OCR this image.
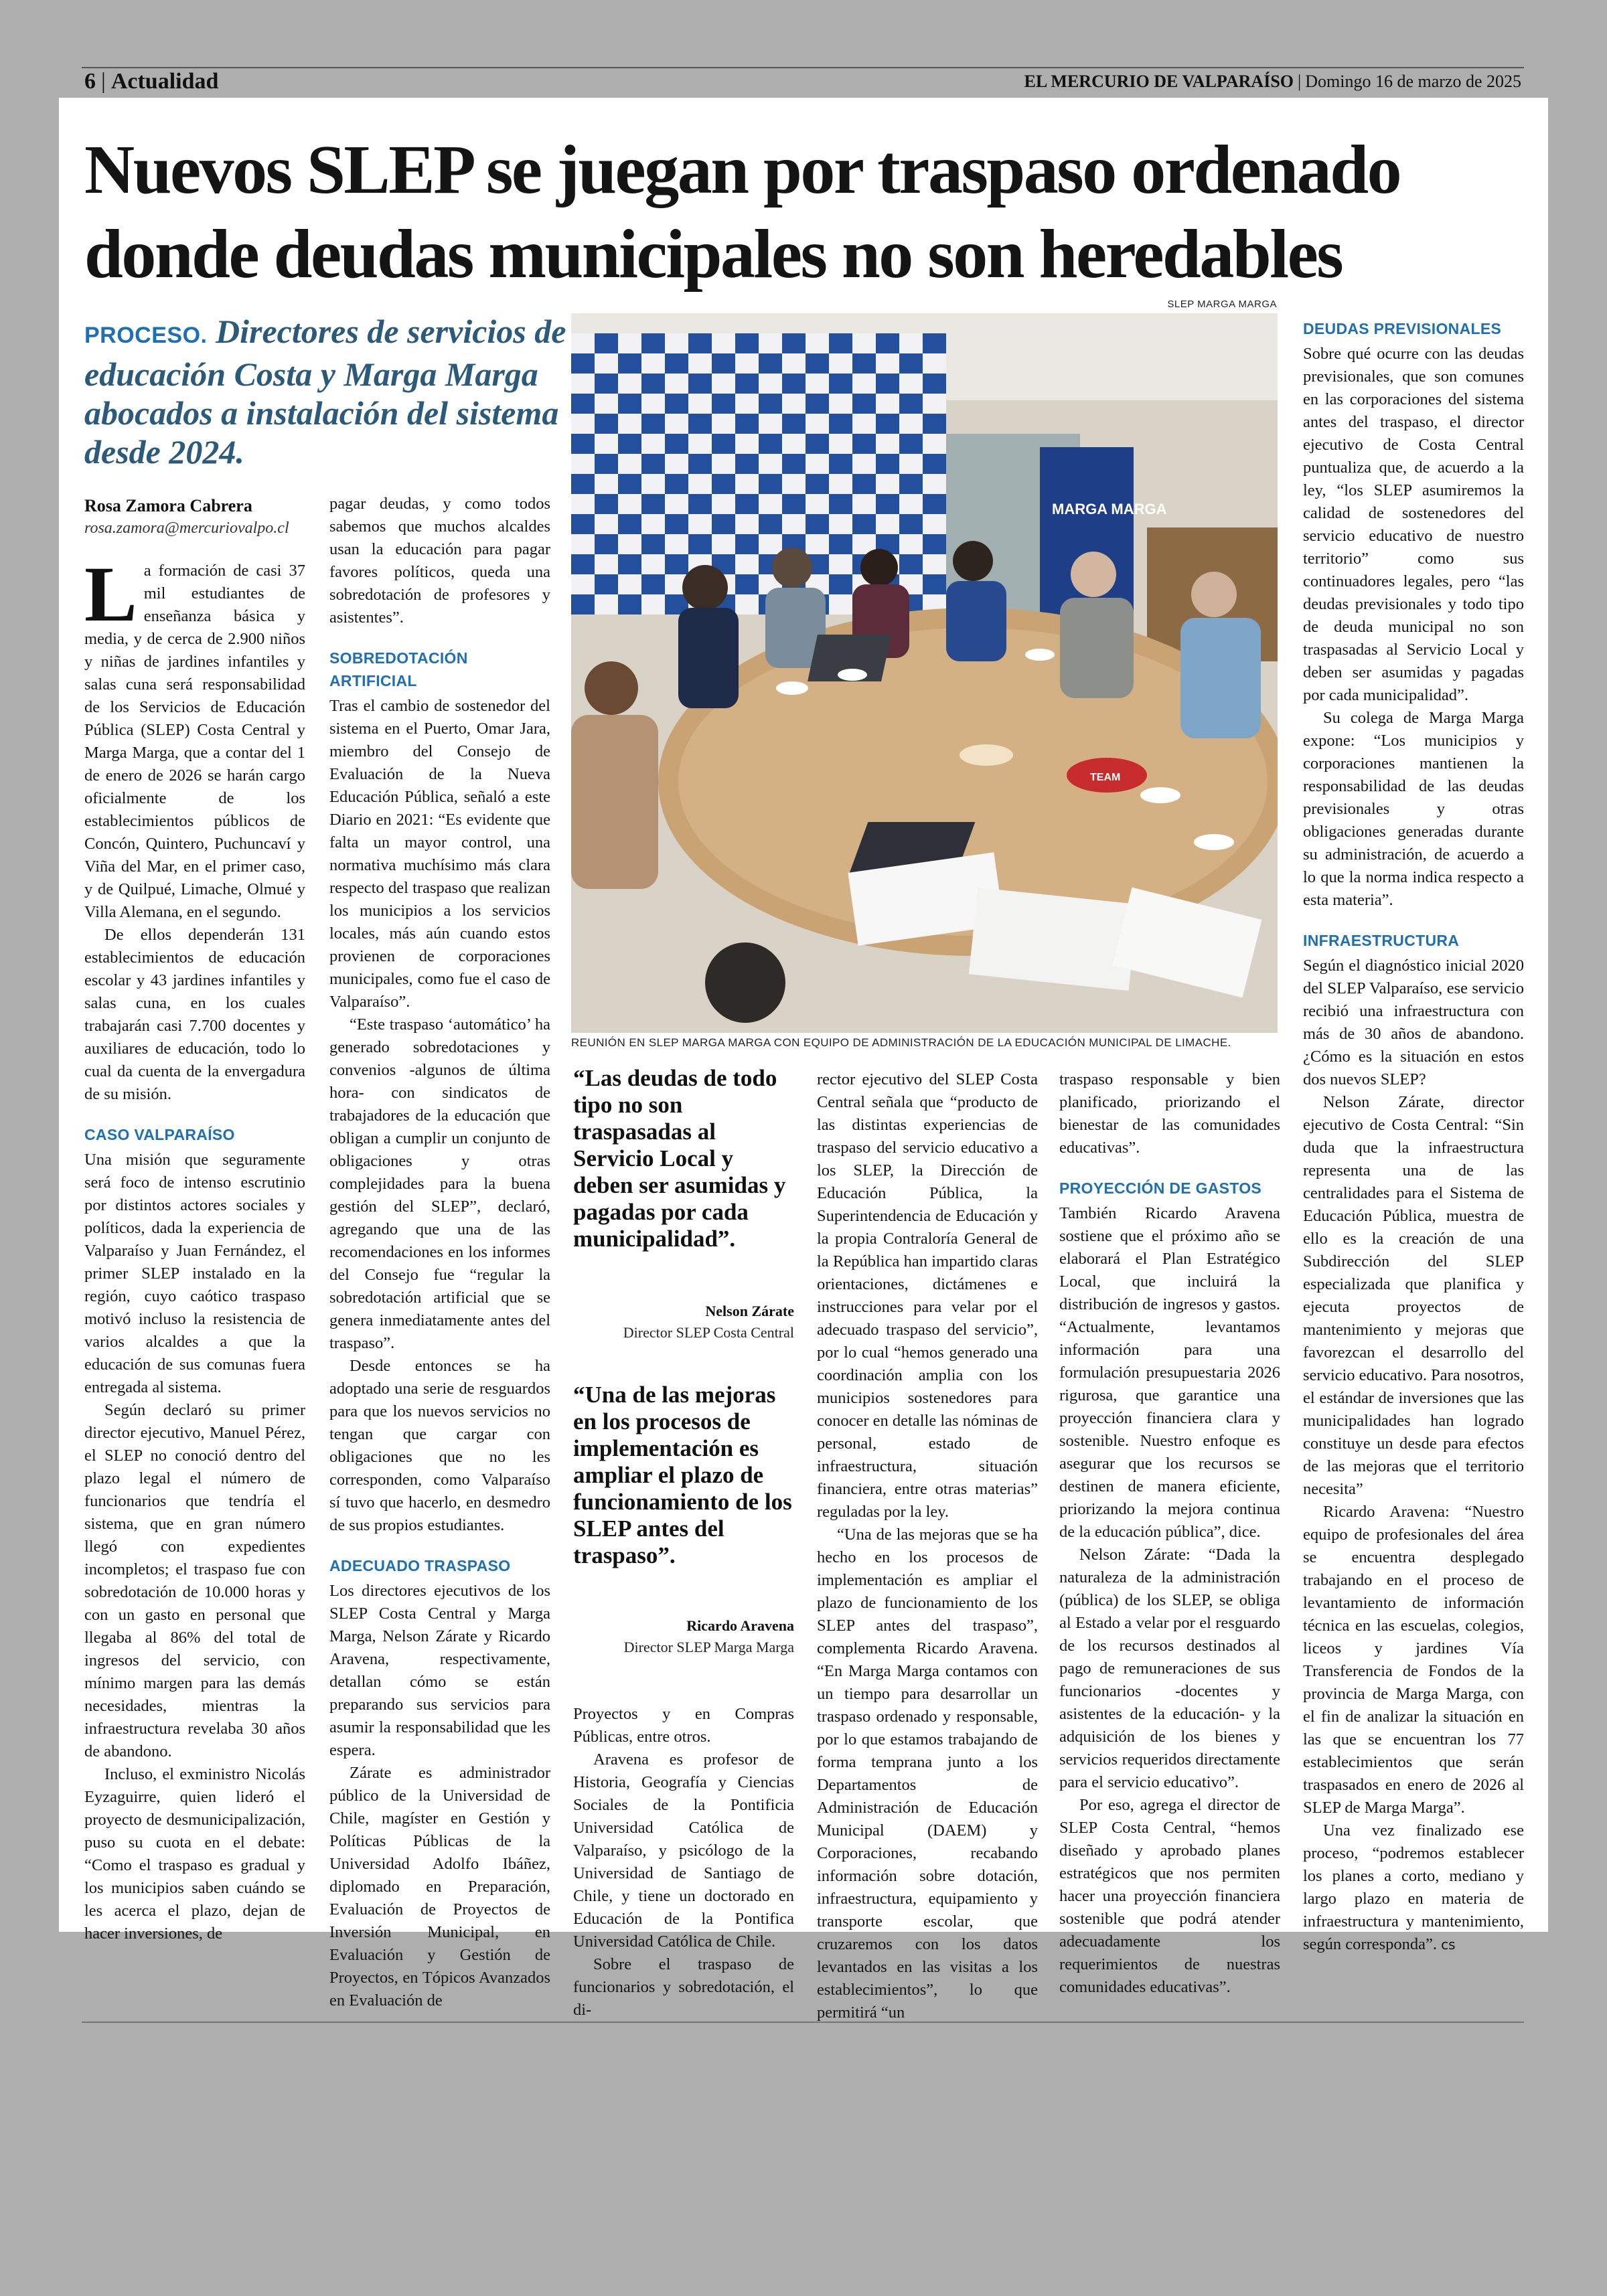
6 | Actualidad	EL MERCURIO DE VALPARAÍSO | Domingo 16 de marzo de 2025
Nuevos SLEP se juegan por traspaso ordenado donde deudas municipales no son heredables
PROCESO. Directores de servicios de educación Costa y Marga Marga abocados a instalación del sistema desde 2024.
Rosa Zamora Cabrera
rosa.zamora@mercuriovalpo.cl

La formación de casi 37 mil estudiantes de enseñanza básica y media, y de cerca de 2.900 niños y niñas de jardines infantiles y salas cuna será responsabilidad de los Servicios de Educación Pública (SLEP) Costa Central y Marga Marga, que a contar del 1 de enero de 2026 se harán cargo oficialmente de los establecimientos públicos de Concón, Quintero, Puchuncaví y Viña del Mar, en el primer caso, y de Quilpué, Limache, Olmué y Villa Alemana, en el segundo.

De ellos dependerán 131 establecimientos de educación escolar y 43 jardines infantiles y salas cuna, en los cuales trabajarán casi 7.700 docentes y auxiliares de educación, todo lo cual da cuenta de la envergadura de su misión.

CASO VALPARAÍSO

Una misión que seguramente será foco de intenso escrutinio por distintos actores sociales y políticos, dada la experiencia de Valparaíso y Juan Fernández, el primer SLEP instalado en la región, cuyo caótico traspaso motivó incluso la resistencia de varios alcaldes a que la educación de sus comunas fuera entregada al sistema.

Según declaró su primer director ejecutivo, Manuel Pérez, el SLEP no conoció dentro del plazo legal el número de funcionarios que tendría el sistema, que en gran número llegó con expedientes incompletos; el traspaso fue con sobredotación de 10.000 horas y con un gasto en personal que llegaba al 86% del total de ingresos del servicio, con mínimo margen para las demás necesidades, mientras la infraestructura revelaba 30 años de abandono.

Incluso, el exministro Nicolás Eyzaguirre, quien lideró el proyecto de desmunicipalización, puso su cuota en el debate: “Como el traspaso es gradual y los municipios saben cuándo se les acerca el plazo, dejan de hacer inversiones, de

pagar deudas, y como todos sabemos que muchos alcaldes usan la educación para pagar favores políticos, queda una sobredotación de profesores y asistentes”.

SOBREDOTACIÓN ARTIFICIAL

Tras el cambio de sostenedor del sistema en el Puerto, Omar Jara, miembro del Consejo de Evaluación de la Nueva Educación Pública, señaló a este Diario en 2021: “Es evidente que falta un mayor control, una normativa muchísimo más clara respecto del traspaso que realizan los municipios a los servicios locales, más aún cuando estos provienen de corporaciones municipales, como fue el caso de Valparaíso”.

“Este traspaso ‘automático’ ha generado sobredotaciones y convenios -algunos de última hora- con sindicatos de trabajadores de la educación que obligan a cumplir un conjunto de obligaciones y otras complejidades para la buena gestión del SLEP”, declaró, agregando que una de las recomendaciones en los informes del Consejo fue “regular la sobredotación artificial que se genera inmediatamente antes del traspaso”.

Desde entonces se ha adoptado una serie de resguardos para que los nuevos servicios no tengan que cargar con obligaciones que no les corresponden, como Valparaíso sí tuvo que hacerlo, en desmedro de sus propios estudiantes.

ADECUADO TRASPASO

Los directores ejecutivos de los SLEP Costa Central y Marga Marga, Nelson Zárate y Ricardo Aravena, respectivamente, detallan cómo se están preparando sus servicios para asumir la responsabilidad que les espera.

Zárate es administrador público de la Universidad de Chile, magíster en Gestión y Políticas Públicas de la Universidad Adolfo Ibáñez, diplomado en Preparación, Evaluación de Proyectos de Inversión Municipal, en Evaluación y Gestión de Proyectos, en Tópicos Avanzados en Evaluación de

SLEP MARGA MARGA
MARGA MARGA
TEAM
REUNIÓN EN SLEP MARGA MARGA CON EQUIPO DE ADMINISTRACIÓN DE LA EDUCACIÓN MUNICIPAL DE LIMACHE.
“Las deudas de todo tipo no son traspasadas al Servicio Local y deben ser asumidas y pagadas por cada municipalidad”.
Nelson Zárate
Director SLEP Costa Central
“Una de las mejoras en los procesos de implementación es ampliar el plazo de funcionamiento de los SLEP antes del traspaso”.
Ricardo Aravena
Director SLEP Marga Marga

Proyectos y en Compras Públicas, entre otros.

Aravena es profesor de Historia, Geografía y Ciencias Sociales de la Pontificia Universidad Católica de Valparaíso, y psicólogo de la Universidad de Santiago de Chile, y tiene un doctorado en Educación de la Pontifica Universidad Católica de Chile.

Sobre el traspaso de funcionarios y sobredotación, el di-

rector ejecutivo del SLEP Costa Central señala que “producto de las distintas experiencias de traspaso del servicio educativo a los SLEP, la Dirección de Educación Pública, la Superintendencia de Educación y la propia Contraloría General de la República han impartido claras orientaciones, dictámenes e instrucciones para velar por el adecuado traspaso del servicio”, por lo cual “hemos generado una coordinación amplia con los municipios sostenedores para conocer en detalle las nóminas de personal, estado de infraestructura, situación financiera, entre otras materias” reguladas por la ley.

“Una de las mejoras que se ha hecho en los procesos de implementación es ampliar el plazo de funcionamiento de los SLEP antes del traspaso”, complementa Ricardo Aravena. “En Marga Marga contamos con un tiempo para desarrollar un traspaso ordenado y responsable, por lo que estamos trabajando de forma temprana junto a los Departamentos de Administración de Educación Municipal (DAEM) y Corporaciones, recabando información sobre dotación, infraestructura, equipamiento y transporte escolar, que cruzaremos con los datos levantados en las visitas a los establecimientos”, lo que permitirá “un

traspaso responsable y bien planificado, priorizando el bienestar de las comunidades educativas”.

PROYECCIÓN DE GASTOS

También Ricardo Aravena sostiene que el próximo año se elaborará el Plan Estratégico Local, que incluirá la distribución de ingresos y gastos. “Actualmente, levantamos información para una formulación presupuestaria 2026 rigurosa, que garantice una proyección financiera clara y sostenible. Nuestro enfoque es asegurar que los recursos se destinen de manera eficiente, priorizando la mejora continua de la educación pública”, dice.

Nelson Zárate: “Dada la naturaleza de la administración (pública) de los SLEP, se obliga al Estado a velar por el resguardo de los recursos destinados al pago de remuneraciones de sus funcionarios -docentes y asistentes de la educación- y la adquisición de los bienes y servicios requeridos directamente para el servicio educativo”.

Por eso, agrega el director de SLEP Costa Central, “hemos diseñado y aprobado planes estratégicos que nos permiten hacer una proyección financiera sostenible que podrá atender adecuadamente los requerimientos de nuestras comunidades educativas”.

DEUDAS PREVISIONALES

Sobre qué ocurre con las deudas previsionales, que son comunes en las corporaciones del sistema antes del traspaso, el director ejecutivo de Costa Central puntualiza que, de acuerdo a la ley, “los SLEP asumiremos la calidad de sostenedores del servicio educativo de nuestro territorio” como sus continuadores legales, pero “las deudas previsionales y todo tipo de deuda municipal no son traspasadas al Servicio Local y deben ser asumidas y pagadas por cada municipalidad”.

Su colega de Marga Marga expone: “Los municipios y corporaciones mantienen la responsabilidad de las deudas previsionales y otras obligaciones generadas durante su administración, de acuerdo a lo que la norma indica respecto a esta materia”.

INFRAESTRUCTURA

Según el diagnóstico inicial 2020 del SLEP Valparaíso, ese servicio recibió una infraestructura con más de 30 años de abandono. ¿Cómo es la situación en estos dos nuevos SLEP?

Nelson Zárate, director ejecutivo de Costa Central: “Sin duda que la infraestructura representa una de las centralidades para el Sistema de Educación Pública, muestra de ello es la creación de una Subdirección del SLEP especializada que planifica y ejecuta proyectos de mantenimiento y mejoras que favorezcan el desarrollo del servicio educativo. Para nosotros, el estándar de inversiones que las municipalidades han logrado constituye un desde para efectos de las mejoras que el territorio necesita”

Ricardo Aravena: “Nuestro equipo de profesionales del área se encuentra desplegado trabajando en el proceso de levantamiento de información técnica en las escuelas, colegios, liceos y jardines Vía Transferencia de Fondos de la provincia de Marga Marga, con el fin de analizar la situación en las que se encuentran los 77 establecimientos que serán traspasados en enero de 2026 al SLEP de Marga Marga”.

Una vez finalizado ese proceso, “podremos establecer los planes a corto, mediano y largo plazo en materia de infraestructura y mantenimiento, según corresponda”. cs
